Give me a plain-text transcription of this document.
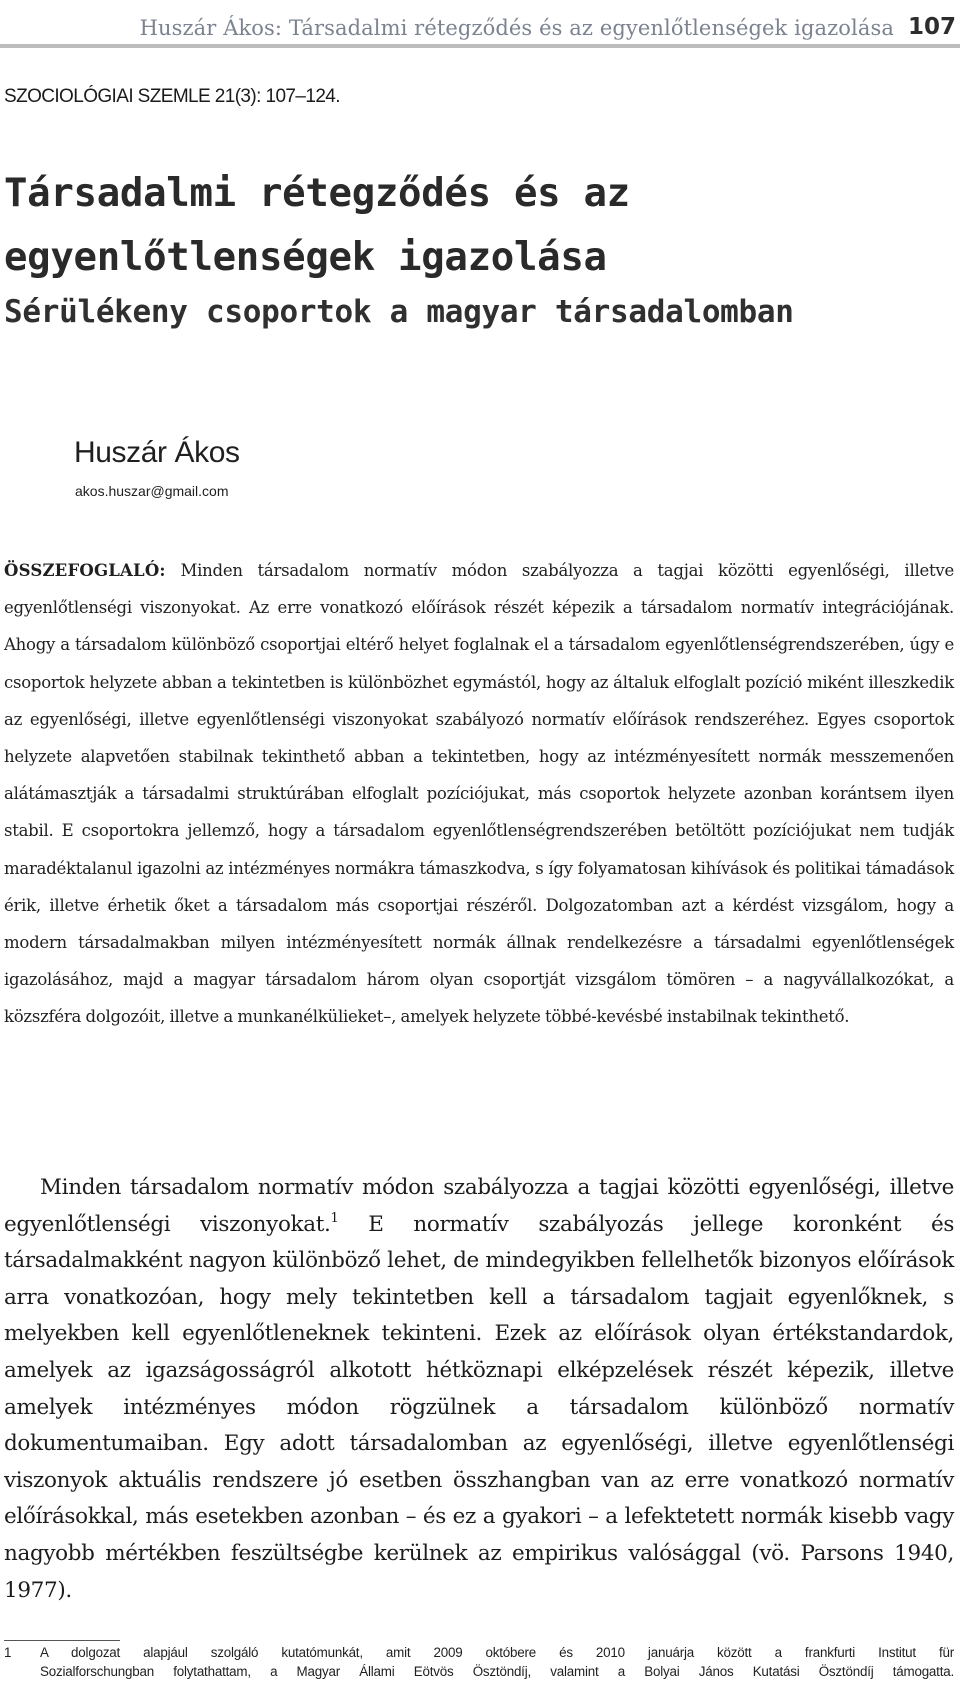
Huszár Ákos: Társadalmi rétegződés és az egyenlőtlenségek igazolása 107
SZOCIOLÓGIAI SZEMLE 21(3): 107–124.
Társadalmi rétegződés és az
egyenlőtlenségek igazolása
Sérülékeny csoportok a magyar társadalomban
Huszár Ákos
akos.huszar@gmail.com

ÖSSZEFOGLALÓ: Minden társadalom normatív módon szabályozza a tagjai közötti egyenlőségi, illetve egyenlőtlenségi viszonyokat. Az erre vonatkozó előírások részét képezik a társadalom normatív integrációjának. Ahogy a társadalom különböző csoportjai eltérő helyet foglalnak el a társadalom egyenlőtlenségrendszerében, úgy e csoportok helyzete abban a tekintetben is különbözhet egymástól, hogy az általuk elfoglalt pozíció miként illeszkedik az egyenlőségi, illetve egyenlőtlenségi viszonyokat szabályozó normatív előírások rendszeréhez. Egyes csoportok helyzete alapvetően stabilnak tekinthető abban a tekintetben, hogy az intézményesített normák messzemenően alátámasztják a társadalmi struktúrában elfoglalt pozíciójukat, más csoportok helyzete azonban korántsem ilyen stabil. E csoportokra jellemző, hogy a társadalom egyenlőtlenségrendszerében betöltött pozíciójukat nem tudják maradéktalanul igazolni az intézményes normákra támaszkodva, s így folyamatosan kihívások és politikai támadások érik, illetve érhetik őket a társadalom más csoportjai részéről. Dolgozatomban azt a kérdést vizsgálom, hogy a modern társadalmakban milyen intézményesített normák állnak rendelkezésre a társadalmi egyenlőtlenségek igazolásához, majd a magyar társadalom három olyan csoportját vizsgálom tömören – a nagyvállalkozókat, a közszféra dolgozóit, illetve a munkanélkülieket–, amelyek helyzete többé-kevésbé instabilnak tekinthető.

Minden társadalom normatív módon szabályozza a tagjai közötti egyenlőségi, illetve egyenlőtlenségi viszonyokat.$^1$ E normatív szabályozás jellege koronként és társadalmakként nagyon különböző lehet, de mindegyikben fellelhetők bizonyos előírások arra vonatkozóan, hogy mely tekintetben kell a társadalom tagjait egyenlőknek, s melyekben kell egyenlőtleneknek tekinteni. Ezek az előírások olyan értékstandardok, amelyek az igazságosságról alkotott hétköznapi elképzelések részét képezik, illetve amelyek intézményes módon rögzülnek a társadalom különböző normatív dokumentumaiban. Egy adott társadalomban az egyenlőségi, illetve egyenlőtlenségi viszonyok aktuális rendszere jó esetben összhangban van az erre vonatkozó normatív előírásokkal, más esetekben azonban – és ez a gyakori – a lefektetett normák kisebb vagy nagyobb mértékben feszültségbe kerülnek az empirikus valósággal (vö. Parsons 1940, 1977).

1 A dolgozat alapjául szolgáló kutatómunkát, amit 2009 októbere és 2010 januárja között a frankfurti Institut für
Sozialforschungban folytathattam, a Magyar Állami Eötvös Ösztöndíj, valamint a Bolyai János Kutatási Ösztöndíj támogatta.
